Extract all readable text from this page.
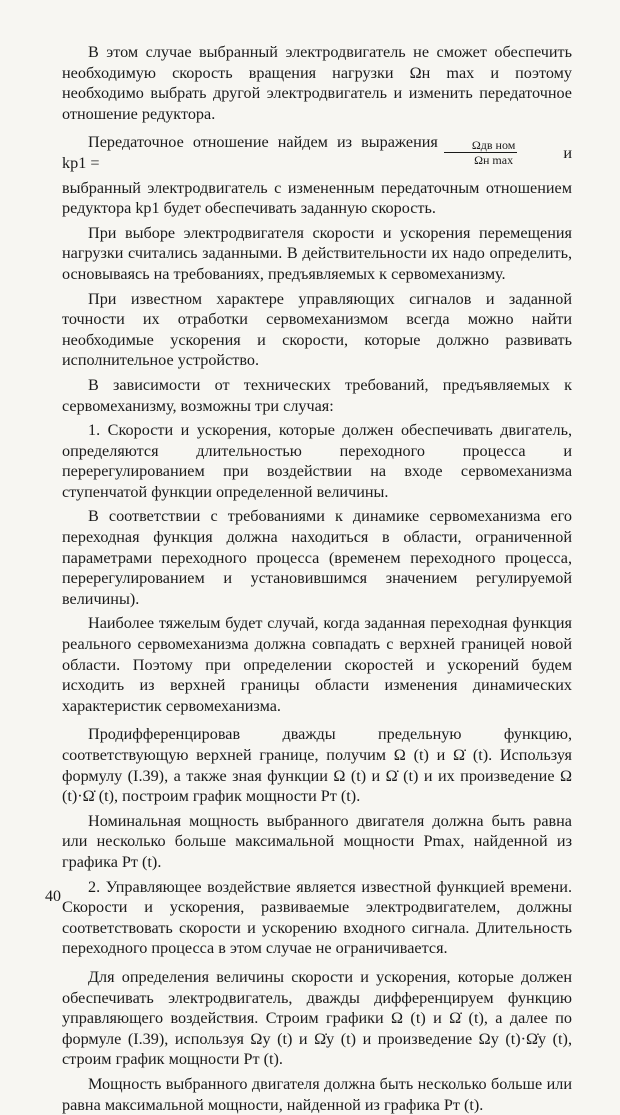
В этом случае выбранный электродвигатель не сможет обеспечить необходимую скорость вращения нагрузки Ωн max и поэтому необходимо выбрать другой электродвигатель и изменить передаточное отношение редуктора.

Передаточное отношение найдем из выражения kр1 =	$\frac{\text{Ωдв ном}}{\text{Ωн max}}$	и

выбранный электродвигатель с измененным передаточным отношением редуктора kр1 будет обеспечивать заданную скорость.

При выборе электродвигателя скорости и ускорения перемещения нагрузки считались заданными. В действительности их надо определить, основываясь на требованиях, предъявляемых к сервомеханизму.

При известном характере управляющих сигналов и заданной точности их отработки сервомеханизмом всегда можно найти необходимые ускорения и скорости, которые должно развивать исполнительное устройство.

В зависимости от технических требований, предъявляемых к сервомеханизму, возможны три случая:

1. Скорости и ускорения, которые должен обеспечивать двигатель, определяются длительностью переходного процесса и перерегулированием при воздействии на входе сервомеханизма ступенчатой функции определенной величины.

В соответствии с требованиями к динамике сервомеханизма его переходная функция должна находиться в области, ограниченной параметрами переходного процесса (временем переходного процесса, перерегулированием и установившимся значением регулируемой величины).

Наиболее тяжелым будет случай, когда заданная переходная функция реального сервомеханизма должна совпадать с верхней границей новой области. Поэтому при определении скоростей и ускорений будем исходить из верхней границы области изменения динамических характеристик сервомеханизма.

Продифференцировав дважды предельную функцию, соответствующую верхней границе, получим Ω (t) и Ω̇ (t). Используя формулу (I.39), а также зная функции Ω (t) и Ω̇ (t) и их произведение Ω (t)·Ω̇ (t), построим график мощности Pт (t).

Номинальная мощность выбранного двигателя должна быть равна или несколько больше максимальной мощности Pmax, найденной из графика Pт (t).

2. Управляющее воздействие является известной функцией времени. Скорости и ускорения, развиваемые электродвигателем, должны соответствовать скорости и ускорению входного сигнала. Длительность переходного процесса в этом случае не ограничивается.

Для определения величины скорости и ускорения, которые должен обеспечивать электродвигатель, дважды дифференцируем функцию управляющего воздействия. Строим графики Ω (t) и Ω̇ (t), а далее по формуле (I.39), используя Ωу (t) и Ω̇у (t) и произведение Ωу (t)·Ω̇у (t), строим график мощности Pт (t).

Мощность выбранного двигателя должна быть несколько больше или равна максимальной мощности, найденной из графика Pт (t).

40
